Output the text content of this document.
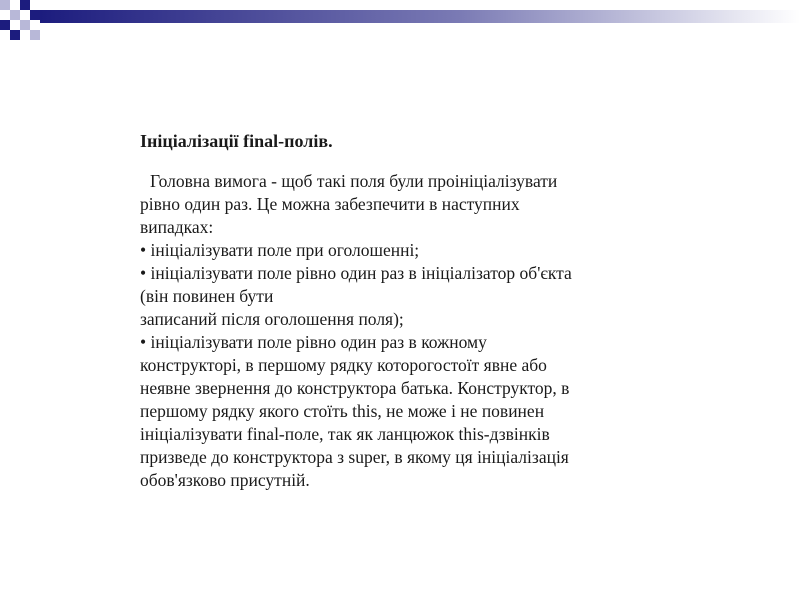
Ініціалізації final-полів.
Головна вимога - щоб такі поля були проініціалізувати
рівно один раз. Це можна забезпечити в наступних
випадках:
• ініціалізувати поле при оголошенні;
• ініціалізувати поле рівно один раз в ініціалізатор об'єкта
(він повинен бути
записаний після оголошення поля);
• ініціалізувати поле рівно один раз в кожному
конструкторі, в першому рядку которогостоїт явне або
неявне звернення до конструктора батька. Конструктор, в
першому рядку якого стоїть this, не може і не повинен
ініціалізувати final-поле, так як ланцюжок this-дзвінків
призведе до конструктора з super, в якому ця ініціалізація
обов'язково присутній.
